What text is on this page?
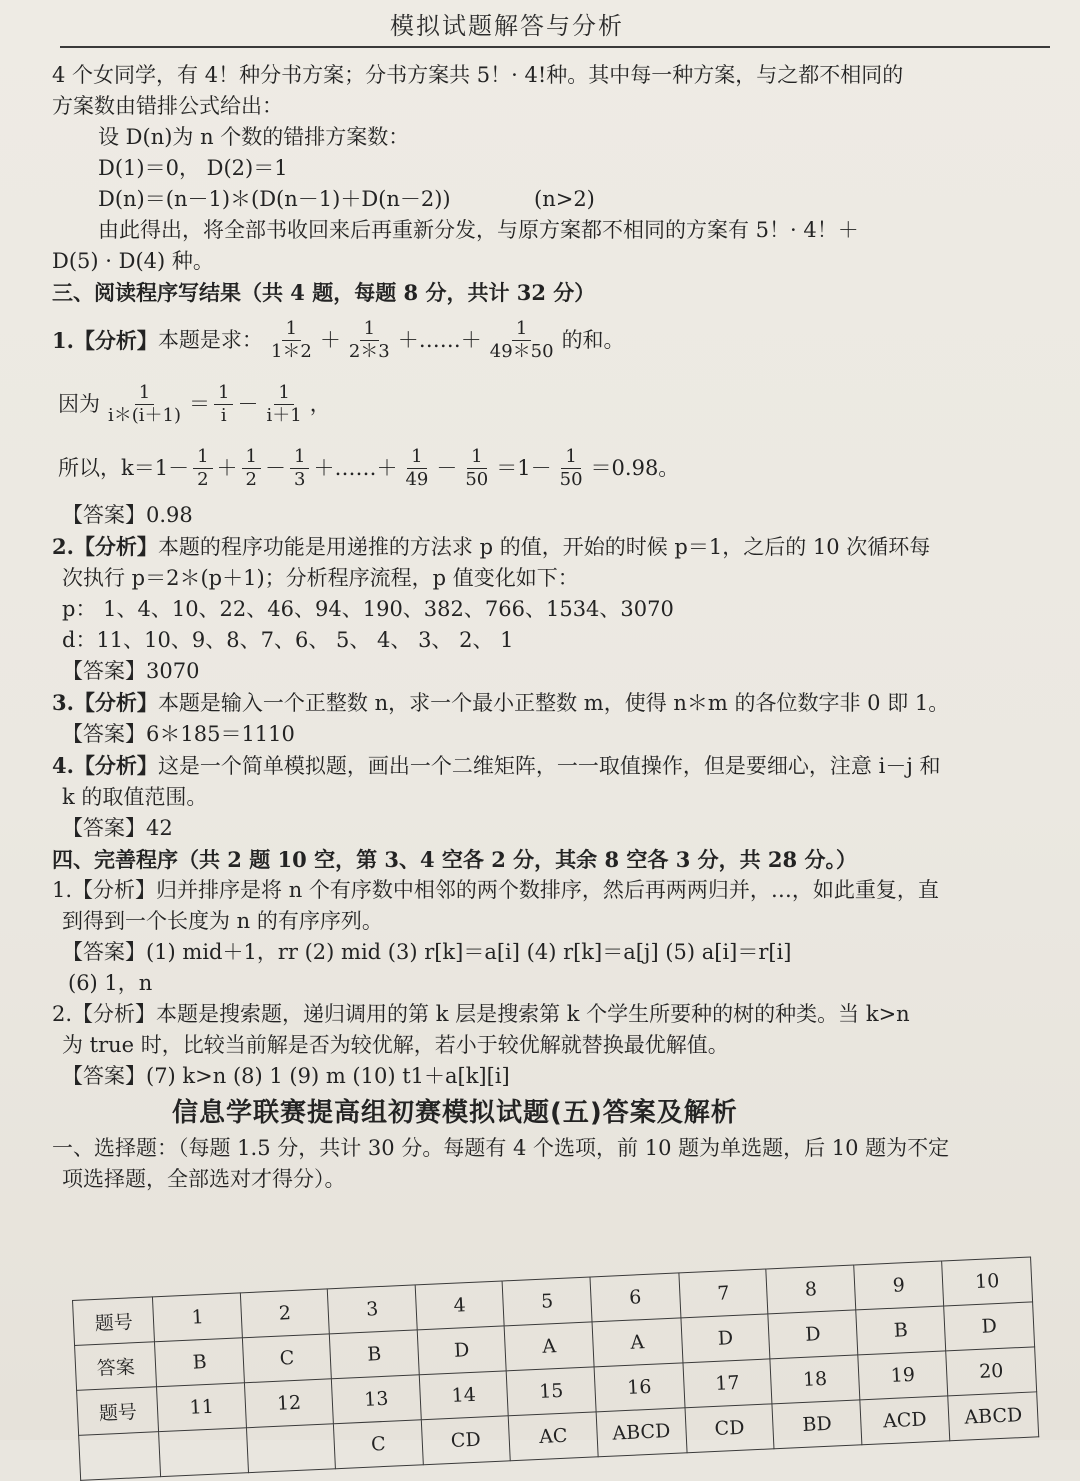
模拟试题解答与分析
4 个女同学，有 4！种分书方案；分书方案共 5！· 4!种。其中每一种方案，与之都不相同的
方案数由错排公式给出：
设 D(n)为 n 个数的错排方案数：
D(1)＝0， D(2)＝1
D(n)＝(n－1)＊(D(n－1)＋D(n－2))	(n>2)
由此得出，将全部书收回来后再重新分发，与原方案都不相同的方案有 5！· 4！＋
D(5) · D(4) 种。
三、阅读程序写结果（共 4 题，每题 8 分，共计 32 分）
1.【分析】 本题是求： $\frac{1}{1*2} + \frac{1}{2*3}$ ＋……＋ $\frac{1}{49*50}$ 的和。
因为 $\frac{1}{i*(i+1)} = \frac{1}{i} - \frac{1}{i+1}$ ，
所以，$k=1- \frac{1}{2} + \frac{1}{2} - \frac{1}{3}$ ＋……＋ $\frac{1}{49} - \frac{1}{50} =1- \frac{1}{50} =0.98$。
【答案】0.98
2.【分析】本题的程序功能是用递推的方法求 p 的值，开始的时候 p＝1，之后的 10 次循环每
次执行 p＝2＊(p＋1)；分析程序流程，p 值变化如下：
p： 1、4、10、22、46、94、190、382、766、1534、3070
d：11、10、9、8、7、6、 5、 4、 3、 2、 1
【答案】3070
3.【分析】本题是输入一个正整数 n，求一个最小正整数 m，使得 n＊m 的各位数字非 0 即 1。
【答案】6＊185＝1110
4.【分析】这是一个简单模拟题，画出一个二维矩阵，一一取值操作，但是要细心，注意 i－j 和
k 的取值范围。
【答案】42
四、完善程序（共 2 题 10 空，第 3、4 空各 2 分，其余 8 空各 3 分，共 28 分。）
1.【分析】归并排序是将 n 个有序数中相邻的两个数排序，然后再两两归并，…，如此重复，直
到得到一个长度为 n 的有序序列。
【答案】(1) mid＋1，rr (2) mid (3) r[k]＝a[i] (4) r[k]＝a[j] (5) a[i]＝r[i]
(6) 1，n
2.【分析】本题是搜索题，递归调用的第 k 层是搜索第 k 个学生所要种的树的种类。当 k>n
为 true 时，比较当前解是否为较优解，若小于较优解就替换最优解值。
【答案】(7) k>n (8) 1 (9) m (10) t1＋a[k][i]
信息学联赛提高组初赛模拟试题(五)答案及解析
一、选择题：（每题 1.5 分，共计 30 分。每题有 4 个选项，前 10 题为单选题，后 10 题为不定
项选择题，全部选对才得分）。
题号	1	2	3	4	5	6	7	8	9	10
答案	B	C	B	D	A	A	D	D	B	D
题号	11	12	13	14	15	16	17	18	19	20
			C	CD	AC	ABCD	CD	BD	ACD	ABCD
